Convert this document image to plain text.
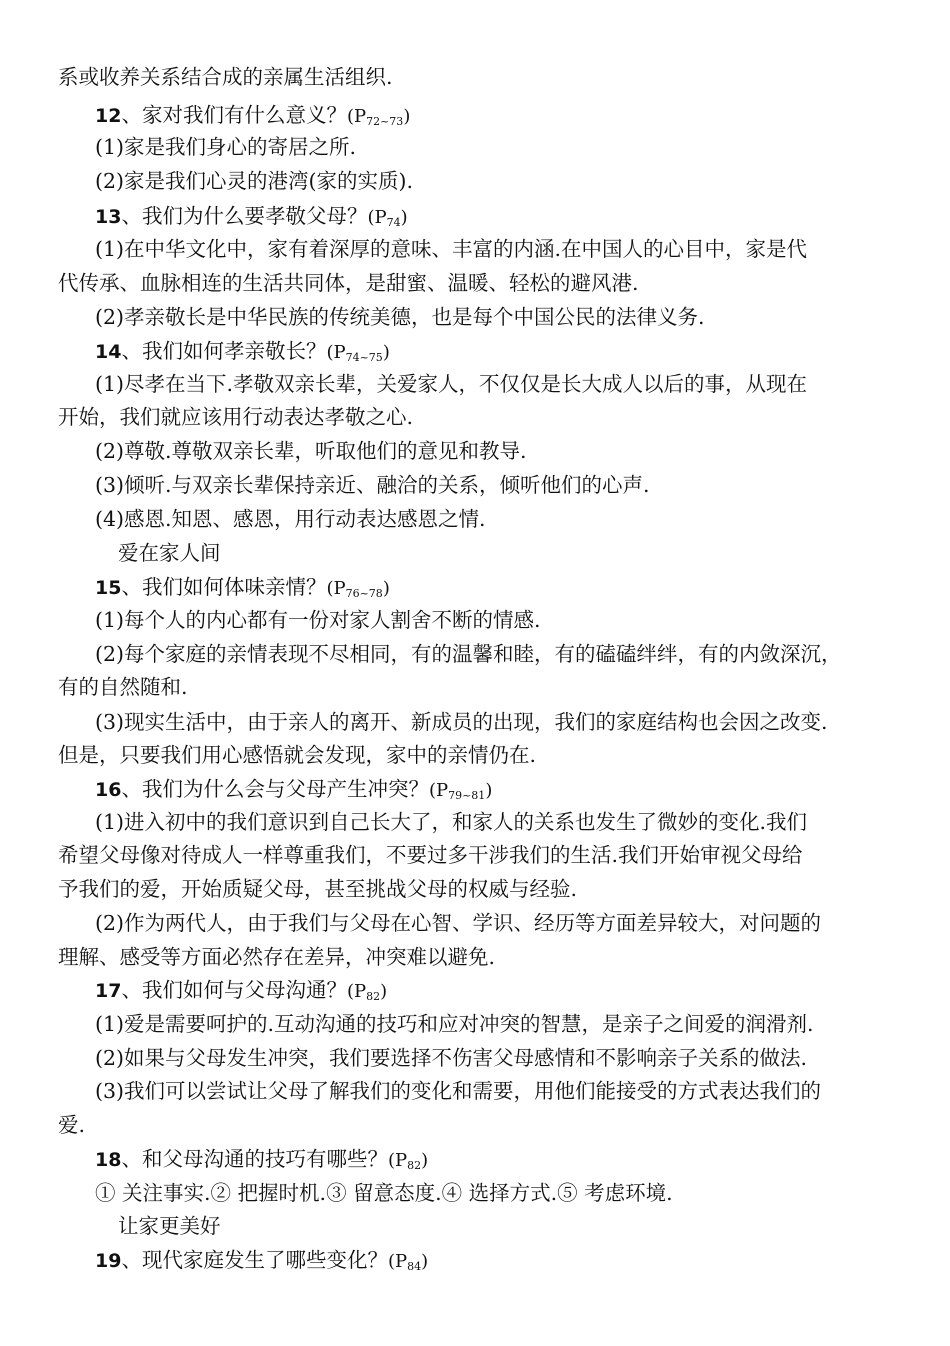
系或收养关系结合成的亲属生活组织.
12、家对我们有什么意义？$(P_{72\sim 73})$
(1)家是我们身心的寄居之所.
(2)家是我们心灵的港湾(家的实质).
13、我们为什么要孝敬父母？$(P_{74})$
(1)在中华文化中，家有着深厚的意味、丰富的内涵.在中国人的心目中，家是代
代传承、血脉相连的生活共同体，是甜蜜、温暖、轻松的避风港.
(2)孝亲敬长是中华民族的传统美德，也是每个中国公民的法律义务.
14、我们如何孝亲敬长？$(P_{74\sim 75})$
(1)尽孝在当下.孝敬双亲长辈，关爱家人，不仅仅是长大成人以后的事，从现在
开始，我们就应该用行动表达孝敬之心.
(2)尊敬.尊敬双亲长辈，听取他们的意见和教导.
(3)倾听.与双亲长辈保持亲近、融洽的关系，倾听他们的心声.
(4)感恩.知恩、感恩，用行动表达感恩之情.
爱在家人间
15、我们如何体味亲情？$(P_{76\sim 78})$
(1)每个人的内心都有一份对家人割舍不断的情感.
(2)每个家庭的亲情表现不尽相同，有的温馨和睦，有的磕磕绊绊，有的内敛深沉，
有的自然随和.
(3)现实生活中，由于亲人的离开、新成员的出现，我们的家庭结构也会因之改变.
但是，只要我们用心感悟就会发现，家中的亲情仍在.
16、我们为什么会与父母产生冲突？$(P_{79\sim 81})$
(1)进入初中的我们意识到自己长大了，和家人的关系也发生了微妙的变化.我们
希望父母像对待成人一样尊重我们，不要过多干涉我们的生活.我们开始审视父母给
予我们的爱，开始质疑父母，甚至挑战父母的权威与经验.
(2)作为两代人，由于我们与父母在心智、学识、经历等方面差异较大，对问题的
理解、感受等方面必然存在差异，冲突难以避免.
17、我们如何与父母沟通？$(P_{82})$
(1)爱是需要呵护的.互动沟通的技巧和应对冲突的智慧，是亲子之间爱的润滑剂.
(2)如果与父母发生冲突，我们要选择不伤害父母感情和不影响亲子关系的做法.
(3)我们可以尝试让父母了解我们的变化和需要，用他们能接受的方式表达我们的
爱.
18、和父母沟通的技巧有哪些？$(P_{82})$
① 关注事实.② 把握时机.③ 留意态度.④ 选择方式.⑤ 考虑环境.
让家更美好
19、现代家庭发生了哪些变化？$(P_{84})$
